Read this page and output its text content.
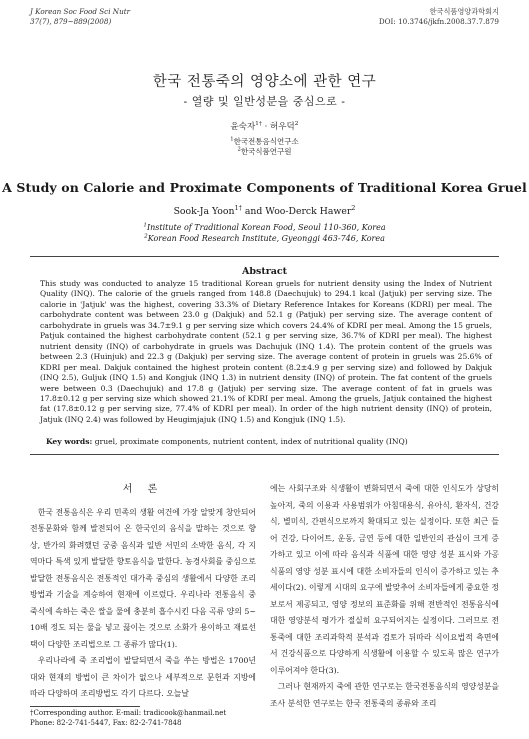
J Korean Soc Food Sci Nutr
37(7), 879~889(2008)
한국식품영양과학회지
DOI: 10.3746/jkfn.2008.37.7.879
한국 전통죽의 영양소에 관한 연구
- 열량 및 일반성분을 중심으로 -
윤숙자$^{1\dagger}$ · 허우덕$^2$
$^1$한국전통음식연구소
$^2$한국식품연구원
A Study on Calorie and Proximate Components of Traditional Korea Gruel
Sook-Ja Yoon$^{1\dagger}$ and Woo-Derck Hawer$^2$
$^1$Institute of Traditional Korean Food, Seoul 110-360, Korea
$^2$Korean Food Research Institute, Gyeonggi 463-746, Korea
Abstract
This study was conducted to analyze 15 traditional Korean gruels for nutrient density using the Index of Nutrient Quality (INQ). The calorie of the gruels ranged from 148.8 (Daechujuk) to 294.1 kcal (Jatjuk) per serving size. The calorie in 'Jatjuk' was the highest, covering 33.3% of Dietary Reference Intakes for Koreans (KDRI) per meal. The carbohydrate content was between 23.0 g (Dakjuk) and 52.1 g (Patjuk) per serving size. The average content of carbohydrate in gruels was 34.7±9.1 g per serving size which covers 24.4% of KDRI per meal. Among the 15 gruels, Patjuk contained the highest carbohydrate content (52.1 g per serving size, 36.7% of KDRI per meal). The highest nutrient density (INQ) of carbohydrate in gruels was Dachujuk (INQ 1.4). The protein content of the gruels was between 2.3 (Huinjuk) and 22.3 g (Dakjuk) per serving size. The average content of protein in gruels was 25.6% of KDRI per meal. Dakjuk contained the highest protein content (8.2±4.9 g per serving size) and followed by Dakjuk (INQ 2.5), Guljuk (INQ 1.5) and Kongjuk (INQ 1.3) in nutrient density (INQ) of protein. The fat content of the gruels were between 0.3 (Daechujuk) and 17.8 g (Jatjuk) per serving size. The average content of fat in gruels was 17.8±0.12 g per serving size which showed 21.1% of KDRI per meal. Among the gruels, Jatjuk contained the highest fat (17.8±0.12 g per serving size, 77.4% of KDRI per meal). In order of the high nutrient density (INQ) of protein, Jatjuk (INQ 2.4) was followed by Heugimjajuk (INQ 1.5) and Kongjuk (INQ 1.5).
Key words: gruel, proximate components, nutrient content, index of nutritional quality (INQ)
서 론

한국 전통음식은 우리 민족의 생활 여건에 가장 알맞게 창안되어 전통문화와 함께 발전되어 온 한국인의 음식을 말하는 것으로 향상, 반가의 화려했던 궁중 음식과 일반 서민의 소박한 음식, 각 지역마다 특색 있게 발달한 향토음식을 말한다. 농경사회를 중심으로 발달한 전통음식은 전통적인 대가족 중심의 생활에서 다양한 조리방법과 기술을 계승하여 현재에 이르렀다. 우리나라 전통음식 중 죽식에 속하는 죽은 쌀을 물에 충분히 흡수시킨 다음 곡류 양의 5~10배 정도 되는 물을 넣고 끓이는 것으로 소화가 용이하고 재료선택이 다양한 조리법으로 그 종류가 많다(1).

우리나라에 죽 조리법이 발달되면서 죽을 쑤는 방법은 1700년대와 현재의 방법이 큰 차이가 없으나 세부적으로 문헌과 지방에 따라 다양하며 조리방법도 각기 다르다. 오늘날

에는 사회구조와 식생활이 변화되면서 죽에 대한 인식도가 상당히 높아져, 죽의 이용과 사용범위가 아침대용식, 유아식, 환자식, 건강식, 별미식, 간편식으로까지 확대되고 있는 실정이다. 또한 최근 들어 건강, 다이어트, 운동, 금연 등에 대한 일반인의 관심이 크게 증가하고 있고 이에 따라 음식과 식품에 대한 영양 성분 표시와 가공식품의 영양 성분 표시에 대한 소비자들의 인식이 증가하고 있는 추세이다(2). 이렇게 시대의 요구에 발맞추어 소비자들에게 중요한 정보로서 제공되고, 영양 정보의 표준화를 위해 전반적인 전통음식에 대한 영양분석 평가가 절실히 요구되어지는 실정이다. 그러므로 전통죽에 대한 조리과학적 분석과 검토가 뒤따라 식이요법적 측면에서 건강식품으로 다양하게 식생활에 이용할 수 있도록 많은 연구가 이루어져야 한다(3).

그러나 현재까지 죽에 관한 연구로는 한국전통음식의 영양성분을 조사 분석한 연구로는 한국 전통죽의 종류와 조리

†Corresponding author. E-mail: tradicook@hanmail.net
Phone: 82-2-741-5447, Fax: 82-2-741-7848
